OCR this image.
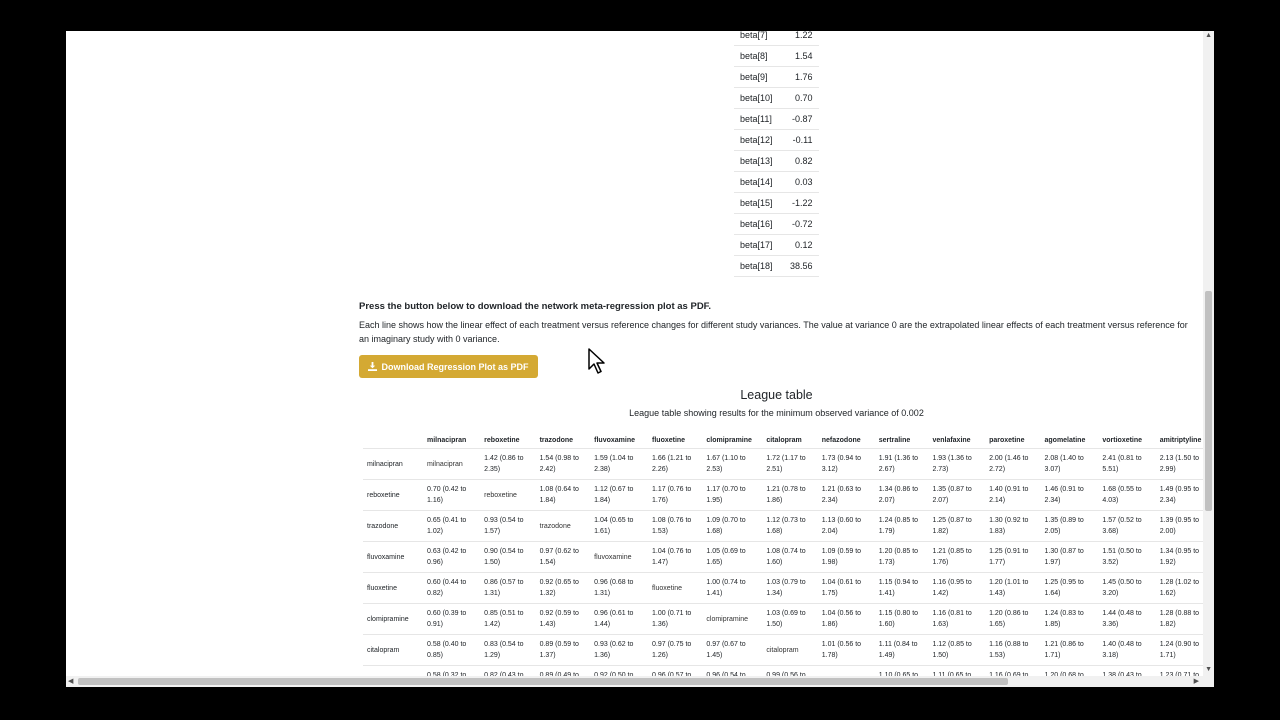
beta[7]	1.22
beta[8]	1.54
beta[9]	1.76
beta[10]	0.70
beta[11]	-0.87
beta[12]	-0.11
beta[13]	0.82
beta[14]	0.03
beta[15]	-1.22
beta[16]	-0.72
beta[17]	0.12
beta[18]	38.56
Press the button below to download the network meta-regression plot as PDF.
Each line shows how the linear effect of each treatment versus reference changes for different study variances. The value at variance 0 are the extrapolated linear effects of each treatment versus reference for an imaginary study with 0 variance.
Download Regression Plot as PDF
League table
League table showing results for the minimum observed variance of 0.002
	milnacipran	reboxetine	trazodone	fluvoxamine	fluoxetine	clomipramine	citalopram	nefazodone	sertraline	venlafaxine	paroxetine	agomelatine	vortioxetine	amitriptyline
milnacipran	milnacipran	1.42 (0.86 to 2.35)	1.54 (0.98 to 2.42)	1.59 (1.04 to 2.38)	1.66 (1.21 to 2.26)	1.67 (1.10 to 2.53)	1.72 (1.17 to 2.51)	1.73 (0.94 to 3.12)	1.91 (1.36 to 2.67)	1.93 (1.36 to 2.73)	2.00 (1.46 to 2.72)	2.08 (1.40 to 3.07)	2.41 (0.81 to 5.51)	2.13 (1.50 to 2.99)
reboxetine	0.70 (0.42 to 1.16)	reboxetine	1.08 (0.64 to 1.84)	1.12 (0.67 to 1.84)	1.17 (0.76 to 1.76)	1.17 (0.70 to 1.95)	1.21 (0.78 to 1.86)	1.21 (0.63 to 2.34)	1.34 (0.86 to 2.07)	1.35 (0.87 to 2.07)	1.40 (0.91 to 2.14)	1.46 (0.91 to 2.34)	1.68 (0.55 to 4.03)	1.49 (0.95 to 2.34)
trazodone	0.65 (0.41 to 1.02)	0.93 (0.54 to 1.57)	trazodone	1.04 (0.65 to 1.61)	1.08 (0.76 to 1.53)	1.09 (0.70 to 1.68)	1.12 (0.73 to 1.68)	1.13 (0.60 to 2.04)	1.24 (0.85 to 1.79)	1.25 (0.87 to 1.82)	1.30 (0.92 to 1.83)	1.35 (0.89 to 2.05)	1.57 (0.52 to 3.68)	1.39 (0.95 to 2.00)
fluvoxamine	0.63 (0.42 to 0.96)	0.90 (0.54 to 1.50)	0.97 (0.62 to 1.54)	fluvoxamine	1.04 (0.76 to 1.47)	1.05 (0.69 to 1.65)	1.08 (0.74 to 1.60)	1.09 (0.59 to 1.98)	1.20 (0.85 to 1.73)	1.21 (0.85 to 1.76)	1.25 (0.91 to 1.77)	1.30 (0.87 to 1.97)	1.51 (0.50 to 3.52)	1.34 (0.95 to 1.92)
fluoxetine	0.60 (0.44 to 0.82)	0.86 (0.57 to 1.31)	0.92 (0.65 to 1.32)	0.96 (0.68 to 1.31)	fluoxetine	1.00 (0.74 to 1.41)	1.03 (0.79 to 1.34)	1.04 (0.61 to 1.75)	1.15 (0.94 to 1.41)	1.16 (0.95 to 1.42)	1.20 (1.01 to 1.43)	1.25 (0.95 to 1.64)	1.45 (0.50 to 3.20)	1.28 (1.02 to 1.62)
clomipramine	0.60 (0.39 to 0.91)	0.85 (0.51 to 1.42)	0.92 (0.59 to 1.43)	0.96 (0.61 to 1.44)	1.00 (0.71 to 1.36)	clomipramine	1.03 (0.69 to 1.50)	1.04 (0.56 to 1.86)	1.15 (0.80 to 1.60)	1.16 (0.81 to 1.63)	1.20 (0.86 to 1.65)	1.24 (0.83 to 1.85)	1.44 (0.48 to 3.36)	1.28 (0.88 to 1.82)
citalopram	0.58 (0.40 to 0.85)	0.83 (0.54 to 1.29)	0.89 (0.59 to 1.37)	0.93 (0.62 to 1.36)	0.97 (0.75 to 1.26)	0.97 (0.67 to 1.45)	citalopram	1.01 (0.56 to 1.78)	1.11 (0.84 to 1.49)	1.12 (0.85 to 1.50)	1.16 (0.88 to 1.53)	1.21 (0.86 to 1.71)	1.40 (0.48 to 3.18)	1.24 (0.90 to 1.71)

▲
▼
◀	▶
